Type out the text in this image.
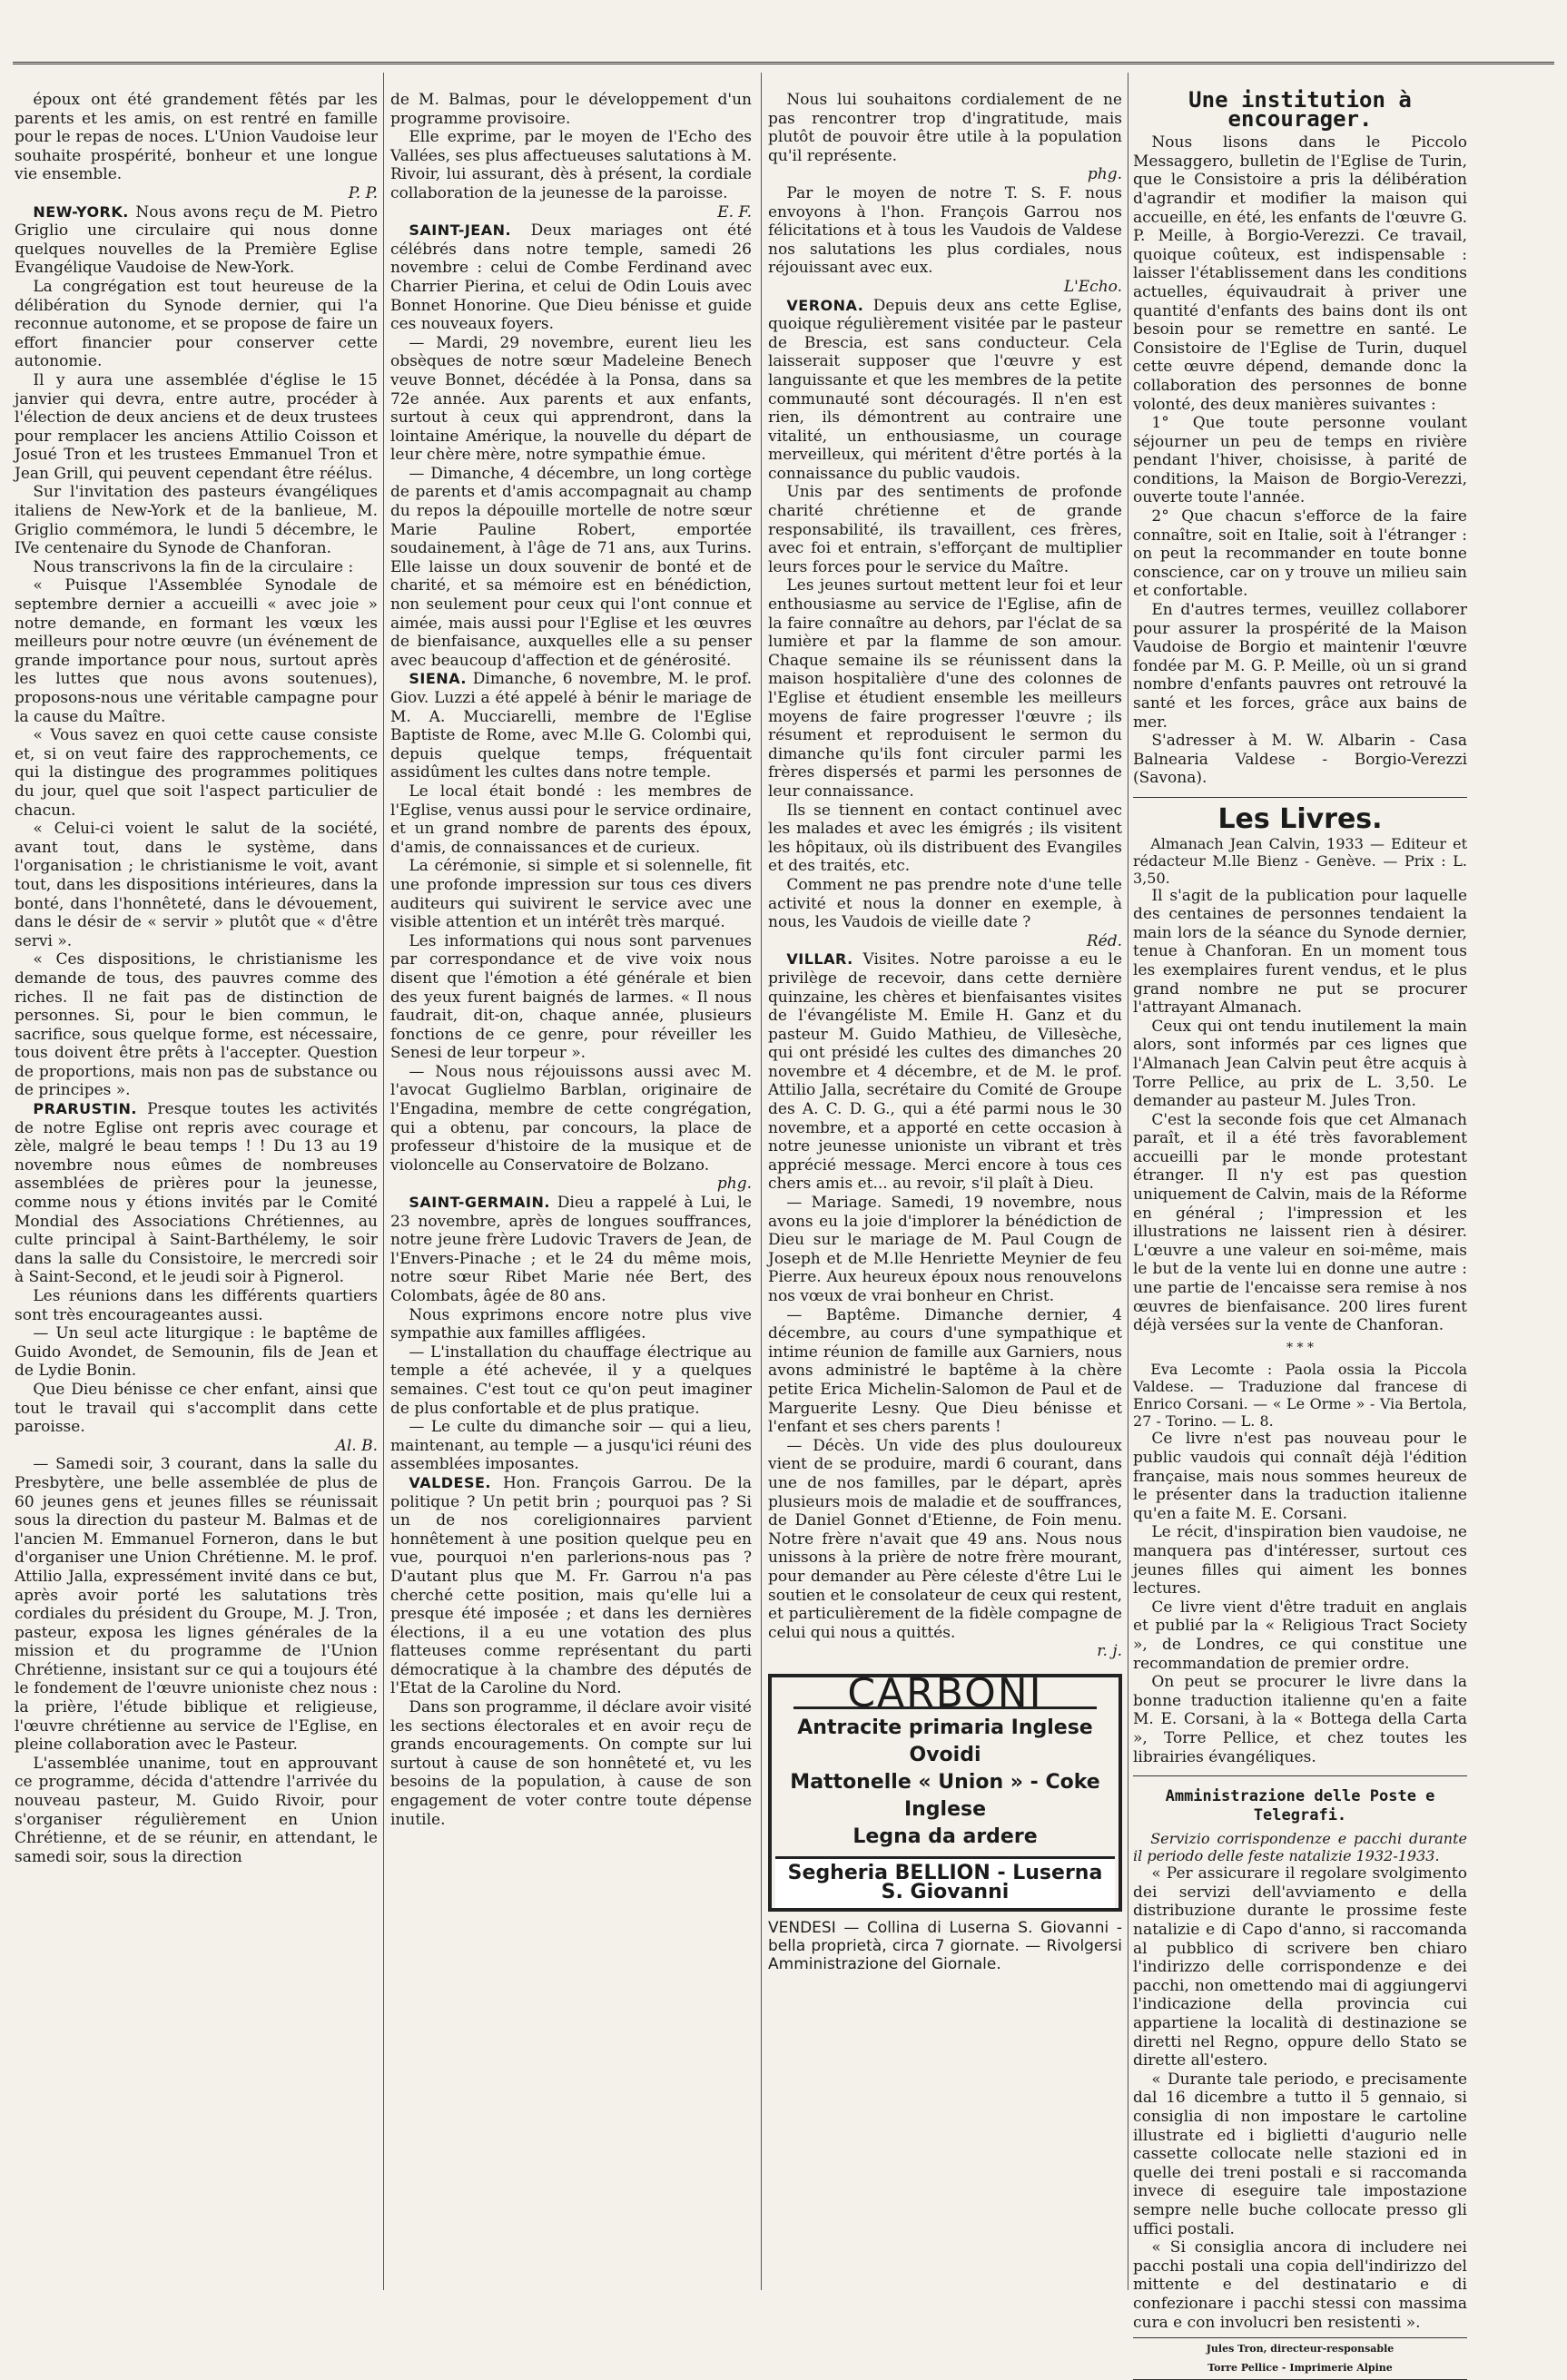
époux ont été grandement fêtés par les parents et les amis, on est rentré en famille pour le repas de noces. L'Union Vaudoise leur souhaite prospérité, bonheur et une longue vie ensemble.

P. P.

NEW-YORK. Nous avons reçu de M. Pietro Griglio une circulaire qui nous donne quelques nouvelles de la Première Eglise Evangélique Vaudoise de New-York.

La congrégation est tout heureuse de la délibération du Synode dernier, qui l'a reconnue autonome, et se propose de faire un effort financier pour conserver cette autonomie.

Il y aura une assemblée d'église le 15 janvier qui devra, entre autre, procéder à l'élection de deux anciens et de deux trustees pour remplacer les anciens Attilio Coisson et Josué Tron et les trustees Emmanuel Tron et Jean Grill, qui peuvent cependant être réélus.

Sur l'invitation des pasteurs évangéliques italiens de New-York et de la banlieue, M. Griglio commémora, le lundi 5 décembre, le IVe centenaire du Synode de Chanforan.

Nous transcrivons la fin de la circulaire :

« Puisque l'Assemblée Synodale de septembre dernier a accueilli « avec joie » notre demande, en formant les vœux les meilleurs pour notre œuvre (un événement de grande importance pour nous, surtout après les luttes que nous avons soutenues), proposons-nous une véritable campagne pour la cause du Maître.

« Vous savez en quoi cette cause consiste et, si on veut faire des rapprochements, ce qui la distingue des programmes politiques du jour, quel que soit l'aspect particulier de chacun.

« Celui-ci voient le salut de la société, avant tout, dans le système, dans l'organisation ; le christianisme le voit, avant tout, dans les dispositions intérieures, dans la bonté, dans l'honnêteté, dans le dévouement, dans le désir de « servir » plutôt que « d'être servi ».

« Ces dispositions, le christianisme les demande de tous, des pauvres comme des riches. Il ne fait pas de distinction de personnes. Si, pour le bien commun, le sacrifice, sous quelque forme, est nécessaire, tous doivent être prêts à l'accepter. Question de proportions, mais non pas de substance ou de principes ».

PRARUSTIN. Presque toutes les activités de notre Eglise ont repris avec courage et zèle, malgré le beau temps ! ! Du 13 au 19 novembre nous eûmes de nombreuses assemblées de prières pour la jeunesse, comme nous y étions invités par le Comité Mondial des Associations Chrétiennes, au culte principal à Saint-Barthélemy, le soir dans la salle du Consistoire, le mercredi soir à Saint-Second, et le jeudi soir à Pignerol.

Les réunions dans les différents quartiers sont très encourageantes aussi.

— Un seul acte liturgique : le baptême de Guido Avondet, de Semounin, fils de Jean et de Lydie Bonin.

Que Dieu bénisse ce cher enfant, ainsi que tout le travail qui s'accomplit dans cette paroisse.

Al. B.

— Samedi soir, 3 courant, dans la salle du Presbytère, une belle assemblée de plus de 60 jeunes gens et jeunes filles se réunissait sous la direction du pasteur M. Balmas et de l'ancien M. Emmanuel Forneron, dans le but d'organiser une Union Chrétienne. M. le prof. Attilio Jalla, expressément invité dans ce but, après avoir porté les salutations très cordiales du président du Groupe, M. J. Tron, pasteur, exposa les lignes générales de la mission et du programme de l'Union Chrétienne, insistant sur ce qui a toujours été le fondement de l'œuvre unioniste chez nous : la prière, l'étude biblique et religieuse, l'œuvre chrétienne au service de l'Eglise, en pleine collaboration avec le Pasteur.

L'assemblée unanime, tout en approuvant ce programme, décida d'attendre l'arrivée du nouveau pasteur, M. Guido Rivoir, pour s'organiser régulièrement en Union Chrétienne, et de se réunir, en attendant, le samedi soir, sous la direction

de M. Balmas, pour le développement d'un programme provisoire.

Elle exprime, par le moyen de l'Echo des Vallées, ses plus affectueuses salutations à M. Rivoir, lui assurant, dès à présent, la cordiale collaboration de la jeunesse de la paroisse.

E. F.

SAINT-JEAN. Deux mariages ont été célébrés dans notre temple, samedi 26 novembre : celui de Combe Ferdinand avec Charrier Pierina, et celui de Odin Louis avec Bonnet Honorine. Que Dieu bénisse et guide ces nouveaux foyers.

— Mardi, 29 novembre, eurent lieu les obsèques de notre sœur Madeleine Benech veuve Bonnet, décédée à la Ponsa, dans sa 72e année. Aux parents et aux enfants, surtout à ceux qui apprendront, dans la lointaine Amérique, la nouvelle du départ de leur chère mère, notre sympathie émue.

— Dimanche, 4 décembre, un long cortège de parents et d'amis accompagnait au champ du repos la dépouille mortelle de notre sœur Marie Pauline Robert, emportée soudainement, à l'âge de 71 ans, aux Turins. Elle laisse un doux souvenir de bonté et de charité, et sa mémoire est en bénédiction, non seulement pour ceux qui l'ont connue et aimée, mais aussi pour l'Eglise et les œuvres de bienfaisance, auxquelles elle a su penser avec beaucoup d'affection et de générosité.

SIENA. Dimanche, 6 novembre, M. le prof. Giov. Luzzi a été appelé à bénir le mariage de M. A. Mucciarelli, membre de l'Eglise Baptiste de Rome, avec M.lle G. Colombi qui, depuis quelque temps, fréquentait assidûment les cultes dans notre temple.

Le local était bondé : les membres de l'Eglise, venus aussi pour le service ordinaire, et un grand nombre de parents des époux, d'amis, de connaissances et de curieux.

La cérémonie, si simple et si solennelle, fit une profonde impression sur tous ces divers auditeurs qui suivirent le service avec une visible attention et un intérêt très marqué.

Les informations qui nous sont parvenues par correspondance et de vive voix nous disent que l'émotion a été générale et bien des yeux furent baignés de larmes. « Il nous faudrait, dit-on, chaque année, plusieurs fonctions de ce genre, pour réveiller les Senesi de leur torpeur ».

— Nous nous réjouissons aussi avec M. l'avocat Guglielmo Barblan, originaire de l'Engadina, membre de cette congrégation, qui a obtenu, par concours, la place de professeur d'histoire de la musique et de violoncelle au Conservatoire de Bolzano.

phg.

SAINT-GERMAIN. Dieu a rappelé à Lui, le 23 novembre, après de longues souffrances, notre jeune frère Ludovic Travers de Jean, de l'Envers-Pinache ; et le 24 du même mois, notre sœur Ribet Marie née Bert, des Colombats, âgée de 80 ans.

Nous exprimons encore notre plus vive sympathie aux familles affligées.

— L'installation du chauffage électrique au temple a été achevée, il y a quelques semaines. C'est tout ce qu'on peut imaginer de plus confortable et de plus pratique.

— Le culte du dimanche soir — qui a lieu, maintenant, au temple — a jusqu'ici réuni des assemblées imposantes.

VALDESE. Hon. François Garrou. De la politique ? Un petit brin ; pourquoi pas ? Si un de nos coreligionnaires parvient honnêtement à une position quelque peu en vue, pourquoi n'en parlerions-nous pas ? D'autant plus que M. Fr. Garrou n'a pas cherché cette position, mais qu'elle lui a presque été imposée ; et dans les dernières élections, il a eu une votation des plus flatteuses comme représentant du parti démocratique à la chambre des députés de l'Etat de la Caroline du Nord.

Dans son programme, il déclare avoir visité les sections électorales et en avoir reçu de grands encouragements. On compte sur lui surtout à cause de son honnêteté et, vu les besoins de la population, à cause de son engagement de voter contre toute dépense inutile.

Nous lui souhaitons cordialement de ne pas rencontrer trop d'ingratitude, mais plutôt de pouvoir être utile à la population qu'il représente.

phg.

Par le moyen de notre T. S. F. nous envoyons à l'hon. François Garrou nos félicitations et à tous les Vaudois de Valdese nos salutations les plus cordiales, nous réjouissant avec eux.

L'Echo.

VERONA. Depuis deux ans cette Eglise, quoique régulièrement visitée par le pasteur de Brescia, est sans conducteur. Cela laisserait supposer que l'œuvre y est languissante et que les membres de la petite communauté sont découragés. Il n'en est rien, ils démontrent au contraire une vitalité, un enthousiasme, un courage merveilleux, qui méritent d'être portés à la connaissance du public vaudois.

Unis par des sentiments de profonde charité chrétienne et de grande responsabilité, ils travaillent, ces frères, avec foi et entrain, s'efforçant de multiplier leurs forces pour le service du Maître.

Les jeunes surtout mettent leur foi et leur enthousiasme au service de l'Eglise, afin de la faire connaître au dehors, par l'éclat de sa lumière et par la flamme de son amour. Chaque semaine ils se réunissent dans la maison hospitalière d'une des colonnes de l'Eglise et étudient ensemble les meilleurs moyens de faire progresser l'œuvre ; ils résument et reproduisent le sermon du dimanche qu'ils font circuler parmi les frères dispersés et parmi les personnes de leur connaissance.

Ils se tiennent en contact continuel avec les malades et avec les émigrés ; ils visitent les hôpitaux, où ils distribuent des Evangiles et des traités, etc.

Comment ne pas prendre note d'une telle activité et nous la donner en exemple, à nous, les Vaudois de vieille date ?

Réd.

VILLAR. Visites. Notre paroisse a eu le privilège de recevoir, dans cette dernière quinzaine, les chères et bienfaisantes visites de l'évangéliste M. Emile H. Ganz et du pasteur M. Guido Mathieu, de Villesèche, qui ont présidé les cultes des dimanches 20 novembre et 4 décembre, et de M. le prof. Attilio Jalla, secrétaire du Comité de Groupe des A. C. D. G., qui a été parmi nous le 30 novembre, et a apporté en cette occasion à notre jeunesse unioniste un vibrant et très apprécié message. Merci encore à tous ces chers amis et... au revoir, s'il plaît à Dieu.

— Mariage. Samedi, 19 novembre, nous avons eu la joie d'implorer la bénédiction de Dieu sur le mariage de M. Paul Cougn de Joseph et de M.lle Henriette Meynier de feu Pierre. Aux heureux époux nous renouvelons nos vœux de vrai bonheur en Christ.

— Baptême. Dimanche dernier, 4 décembre, au cours d'une sympathique et intime réunion de famille aux Garniers, nous avons administré le baptême à la chère petite Erica Michelin-Salomon de Paul et de Marguerite Lesny. Que Dieu bénisse et l'enfant et ses chers parents !

— Décès. Un vide des plus douloureux vient de se produire, mardi 6 courant, dans une de nos familles, par le départ, après plusieurs mois de maladie et de souffrances, de Daniel Gonnet d'Etienne, de Foin menu. Notre frère n'avait que 49 ans. Nous nous unissons à la prière de notre frère mourant, pour demander au Père céleste d'être Lui le soutien et le consolateur de ceux qui restent, et particulièrement de la fidèle compagne de celui qui nous a quittés.

r. j.
CARBONI
Antracite primaria Inglese
Ovoidi
Mattonelle « Union » - Coke Inglese
Legna da ardere
Segheria BELLION - Luserna S. Giovanni

VENDESI — Collina di Luserna S. Giovanni - bella proprietà, circa 7 giornate. — Rivolgersi Amministrazione del Giornale.

Une institution à encourager.

Nous lisons dans le Piccolo Messaggero, bulletin de l'Eglise de Turin, que le Consistoire a pris la délibération d'agrandir et modifier la maison qui accueille, en été, les enfants de l'œuvre G. P. Meille, à Borgio-Verezzi. Ce travail, quoique coûteux, est indispensable : laisser l'établissement dans les conditions actuelles, équivaudrait à priver une quantité d'enfants des bains dont ils ont besoin pour se remettre en santé. Le Consistoire de l'Eglise de Turin, duquel cette œuvre dépend, demande donc la collaboration des personnes de bonne volonté, des deux manières suivantes :

1° Que toute personne voulant séjourner un peu de temps en rivière pendant l'hiver, choisisse, à parité de conditions, la Maison de Borgio-Verezzi, ouverte toute l'année.

2° Que chacun s'efforce de la faire connaître, soit en Italie, soit à l'étranger : on peut la recommander en toute bonne conscience, car on y trouve un milieu sain et confortable.

En d'autres termes, veuillez collaborer pour assurer la prospérité de la Maison Vaudoise de Borgio et maintenir l'œuvre fondée par M. G. P. Meille, où un si grand nombre d'enfants pauvres ont retrouvé la santé et les forces, grâce aux bains de mer.

S'adresser à M. W. Albarin - Casa Balnearia Valdese - Borgio-Verezzi (Savona).

Les Livres.

Almanach Jean Calvin, 1933 — Editeur et rédacteur M.lle Bienz - Genève. — Prix : L. 3,50.

Il s'agit de la publication pour laquelle des centaines de personnes tendaient la main lors de la séance du Synode dernier, tenue à Chanforan. En un moment tous les exemplaires furent vendus, et le plus grand nombre ne put se procurer l'attrayant Almanach.

Ceux qui ont tendu inutilement la main alors, sont informés par ces lignes que l'Almanach Jean Calvin peut être acquis à Torre Pellice, au prix de L. 3,50. Le demander au pasteur M. Jules Tron.

C'est la seconde fois que cet Almanach paraît, et il a été très favorablement accueilli par le monde protestant étranger. Il n'y est pas question uniquement de Calvin, mais de la Réforme en général ; l'impression et les illustrations ne laissent rien à désirer. L'œuvre a une valeur en soi-même, mais le but de la vente lui en donne une autre : une partie de l'encaisse sera remise à nos œuvres de bienfaisance. 200 lires furent déjà versées sur la vente de Chanforan.

* * *

Eva Lecomte : Paola ossia la Piccola Valdese. — Traduzione dal francese di Enrico Corsani. — « Le Orme » - Via Bertola, 27 - Torino. — L. 8.

Ce livre n'est pas nouveau pour le public vaudois qui connaît déjà l'édition française, mais nous sommes heureux de le présenter dans la traduction italienne qu'en a faite M. E. Corsani.

Le récit, d'inspiration bien vaudoise, ne manquera pas d'intéresser, surtout ces jeunes filles qui aiment les bonnes lectures.

Ce livre vient d'être traduit en anglais et publié par la « Religious Tract Society », de Londres, ce qui constitue une recommandation de premier ordre.

On peut se procurer le livre dans la bonne traduction italienne qu'en a faite M. E. Corsani, à la « Bottega della Carta », Torre Pellice, et chez toutes les librairies évangéliques.

Amministrazione delle Poste e Telegrafi.

Servizio corrispondenze e pacchi durante il periodo delle feste natalizie 1932-1933.

« Per assicurare il regolare svolgimento dei servizi dell'avviamento e della distribuzione durante le prossime feste natalizie e di Capo d'anno, si raccomanda al pubblico di scrivere ben chiaro l'indirizzo delle corrispondenze e dei pacchi, non omettendo mai di aggiungervi l'indicazione della provincia cui appartiene la località di destinazione se diretti nel Regno, oppure dello Stato se dirette all'estero.

« Durante tale periodo, e precisamente dal 16 dicembre a tutto il 5 gennaio, si consiglia di non impostare le cartoline illustrate ed i biglietti d'augurio nelle cassette collocate nelle stazioni ed in quelle dei treni postali e si raccomanda invece di eseguire tale impostazione sempre nelle buche collocate presso gli uffici postali.

« Si consiglia ancora di includere nei pacchi postali una copia dell'indirizzo del mittente e del destinatario e di confezionare i pacchi stessi con massima cura e con involucri ben resistenti ».

Jules Tron, directeur-responsable
Torre Pellice - Imprimerie Alpine
